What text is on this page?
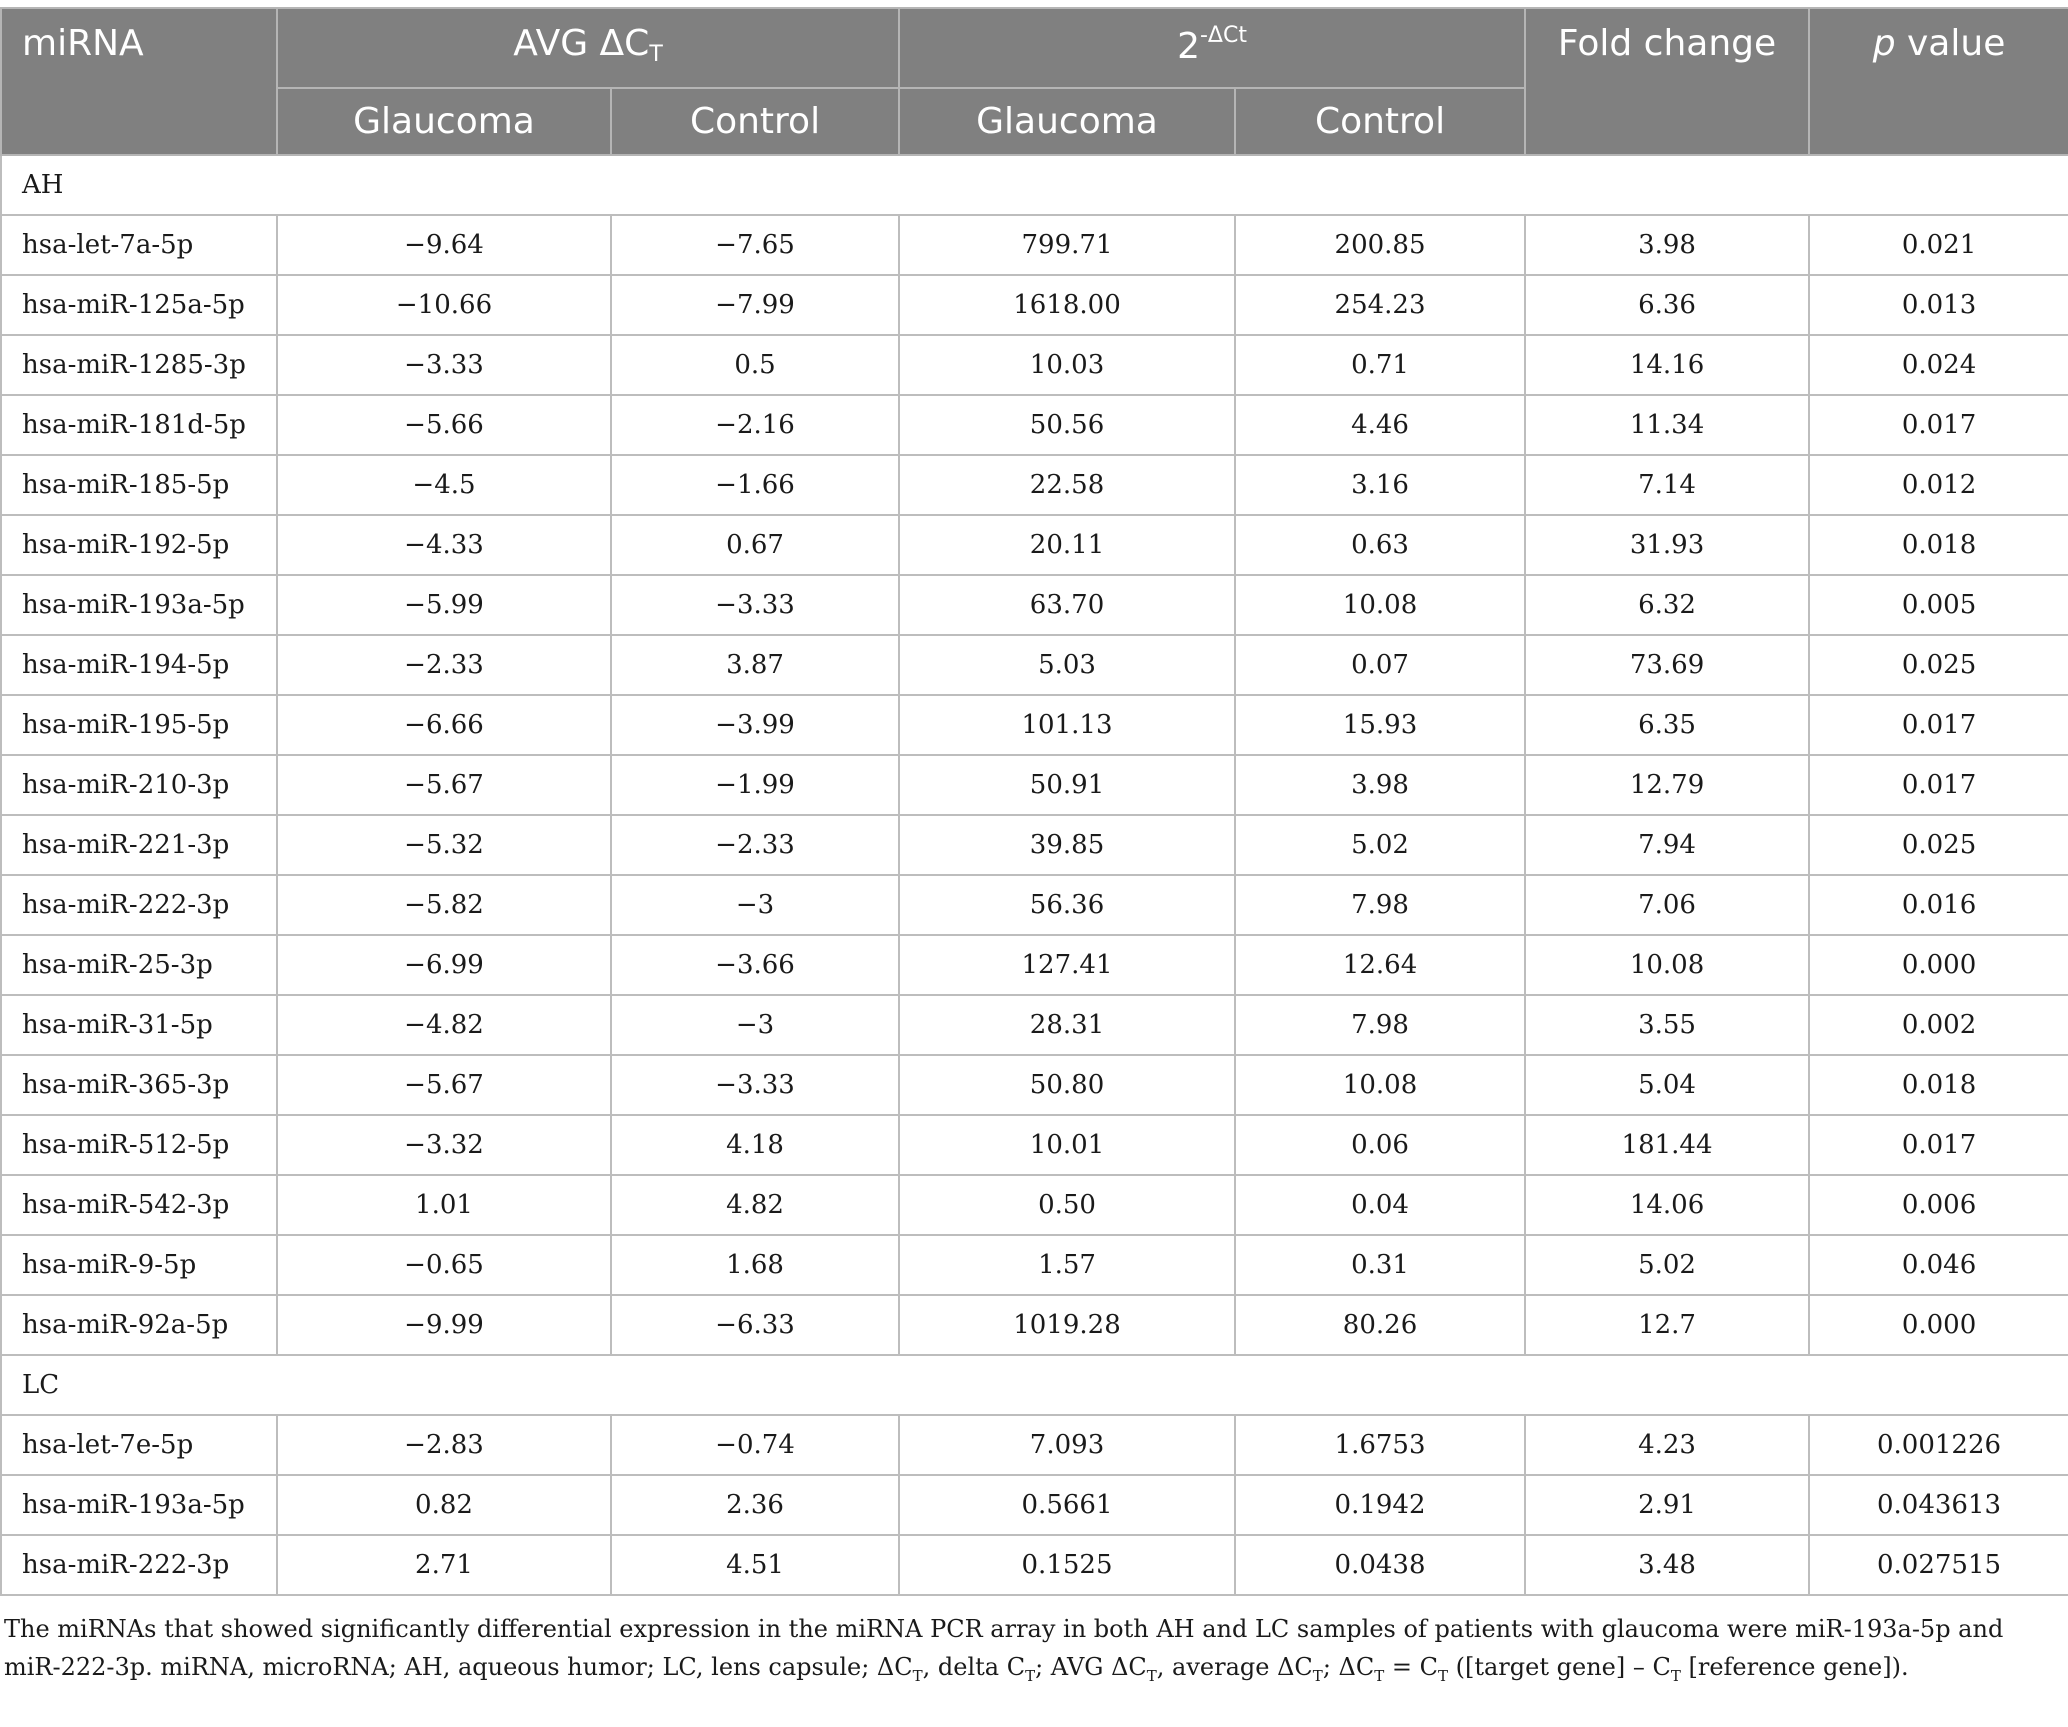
miRNA	AVG $\Delta C_T$		$2^{-\Delta Ct}$		Fold change	p value
	Glaucoma	Control	Glaucoma	Control		
AH						
hsa-let-7a-5p	−9.64	−7.65	799.71	200.85	3.98	0.021
hsa-miR-125a-5p	−10.66	−7.99	1618.00	254.23	6.36	0.013
hsa-miR-1285-3p	−3.33	0.5	10.03	0.71	14.16	0.024
hsa-miR-181d-5p	−5.66	−2.16	50.56	4.46	11.34	0.017
hsa-miR-185-5p	−4.5	−1.66	22.58	3.16	7.14	0.012
hsa-miR-192-5p	−4.33	0.67	20.11	0.63	31.93	0.018
hsa-miR-193a-5p	−5.99	−3.33	63.70	10.08	6.32	0.005
hsa-miR-194-5p	−2.33	3.87	5.03	0.07	73.69	0.025
hsa-miR-195-5p	−6.66	−3.99	101.13	15.93	6.35	0.017
hsa-miR-210-3p	−5.67	−1.99	50.91	3.98	12.79	0.017
hsa-miR-221-3p	−5.32	−2.33	39.85	5.02	7.94	0.025
hsa-miR-222-3p	−5.82	−3	56.36	7.98	7.06	0.016
hsa-miR-25-3p	−6.99	−3.66	127.41	12.64	10.08	0.000
hsa-miR-31-5p	−4.82	−3	28.31	7.98	3.55	0.002
hsa-miR-365-3p	−5.67	−3.33	50.80	10.08	5.04	0.018
hsa-miR-512-5p	−3.32	4.18	10.01	0.06	181.44	0.017
hsa-miR-542-3p	1.01	4.82	0.50	0.04	14.06	0.006
hsa-miR-9-5p	−0.65	1.68	1.57	0.31	5.02	0.046
hsa-miR-92a-5p	−9.99	−6.33	1019.28	80.26	12.7	0.000
LC						
hsa-let-7e-5p	−2.83	−0.74	7.093	1.6753	4.23	0.001226
hsa-miR-193a-5p	0.82	2.36	0.5661	0.1942	2.91	0.043613
hsa-miR-222-3p	2.71	4.51	0.1525	0.0438	3.48	0.027515

The miRNAs that showed significantly differential expression in the miRNA PCR array in both AH and LC samples of patients with glaucoma were miR-193a-5p and miR-222-3p. miRNA, microRNA; AH, aqueous humor; LC, lens capsule; $\Delta C_T$, delta $C_T$; AVG $\Delta C_T$, average $\Delta C_T$; $\Delta C_T = C_T$ ([target gene] – $C_T$ [reference gene]).
